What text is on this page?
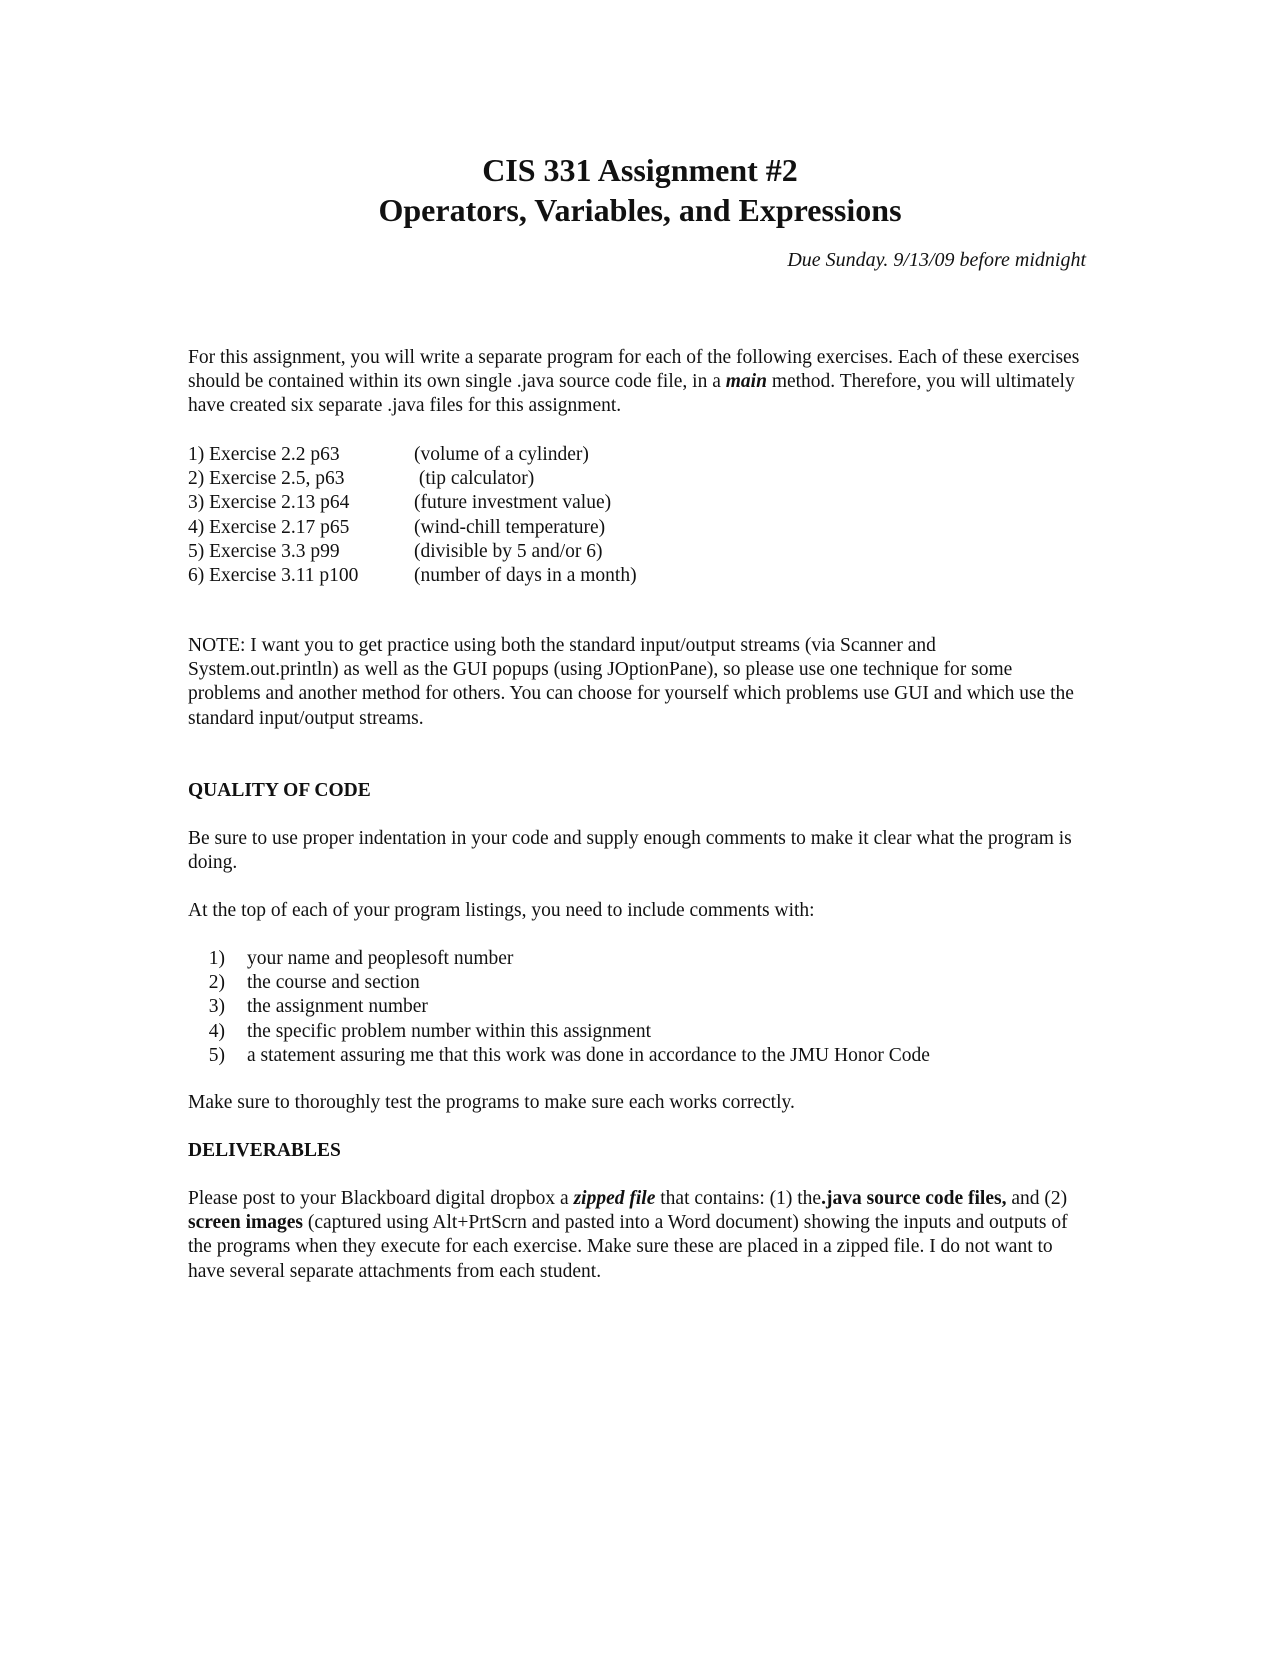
CIS 331 Assignment #2
Operators, Variables, and Expressions
Due Sunday. 9/13/09 before midnight

For this assignment, you will write a separate program for each of the following exercises. Each of these exercises should be contained within its own single .java source code file, in a main method. Therefore, you will ultimately have created six separate .java files for this assignment.

1) Exercise 2.2 p63	(volume of a cylinder)
2) Exercise 2.5, p63	(tip calculator)
3) Exercise 2.13 p64	(future investment value)
4) Exercise 2.17 p65	(wind-chill temperature)
5) Exercise 3.3 p99	(divisible by 5 and/or 6)
6) Exercise 3.11 p100	(number of days in a month)

NOTE: I want you to get practice using both the standard input/output streams (via Scanner and System.out.println) as well as the GUI popups (using JOptionPane), so please use one technique for some problems and another method for others. You can choose for yourself which problems use GUI and which use the standard input/output streams.

QUALITY OF CODE

Be sure to use proper indentation in your code and supply enough comments to make it clear what the program is doing.

At the top of each of your program listings, you need to include comments with:

1) your name and peoplesoft number
2) the course and section
3) the assignment number
4) the specific problem number within this assignment
5) a statement assuring me that this work was done in accordance to the JMU Honor Code

Make sure to thoroughly test the programs to make sure each works correctly.

DELIVERABLES

Please post to your Blackboard digital dropbox a zipped file that contains: (1) the.java source code files, and (2) screen images (captured using Alt+PrtScrn and pasted into a Word document) showing the inputs and outputs of the programs when they execute for each exercise. Make sure these are placed in a zipped file. I do not want to have several separate attachments from each student.
